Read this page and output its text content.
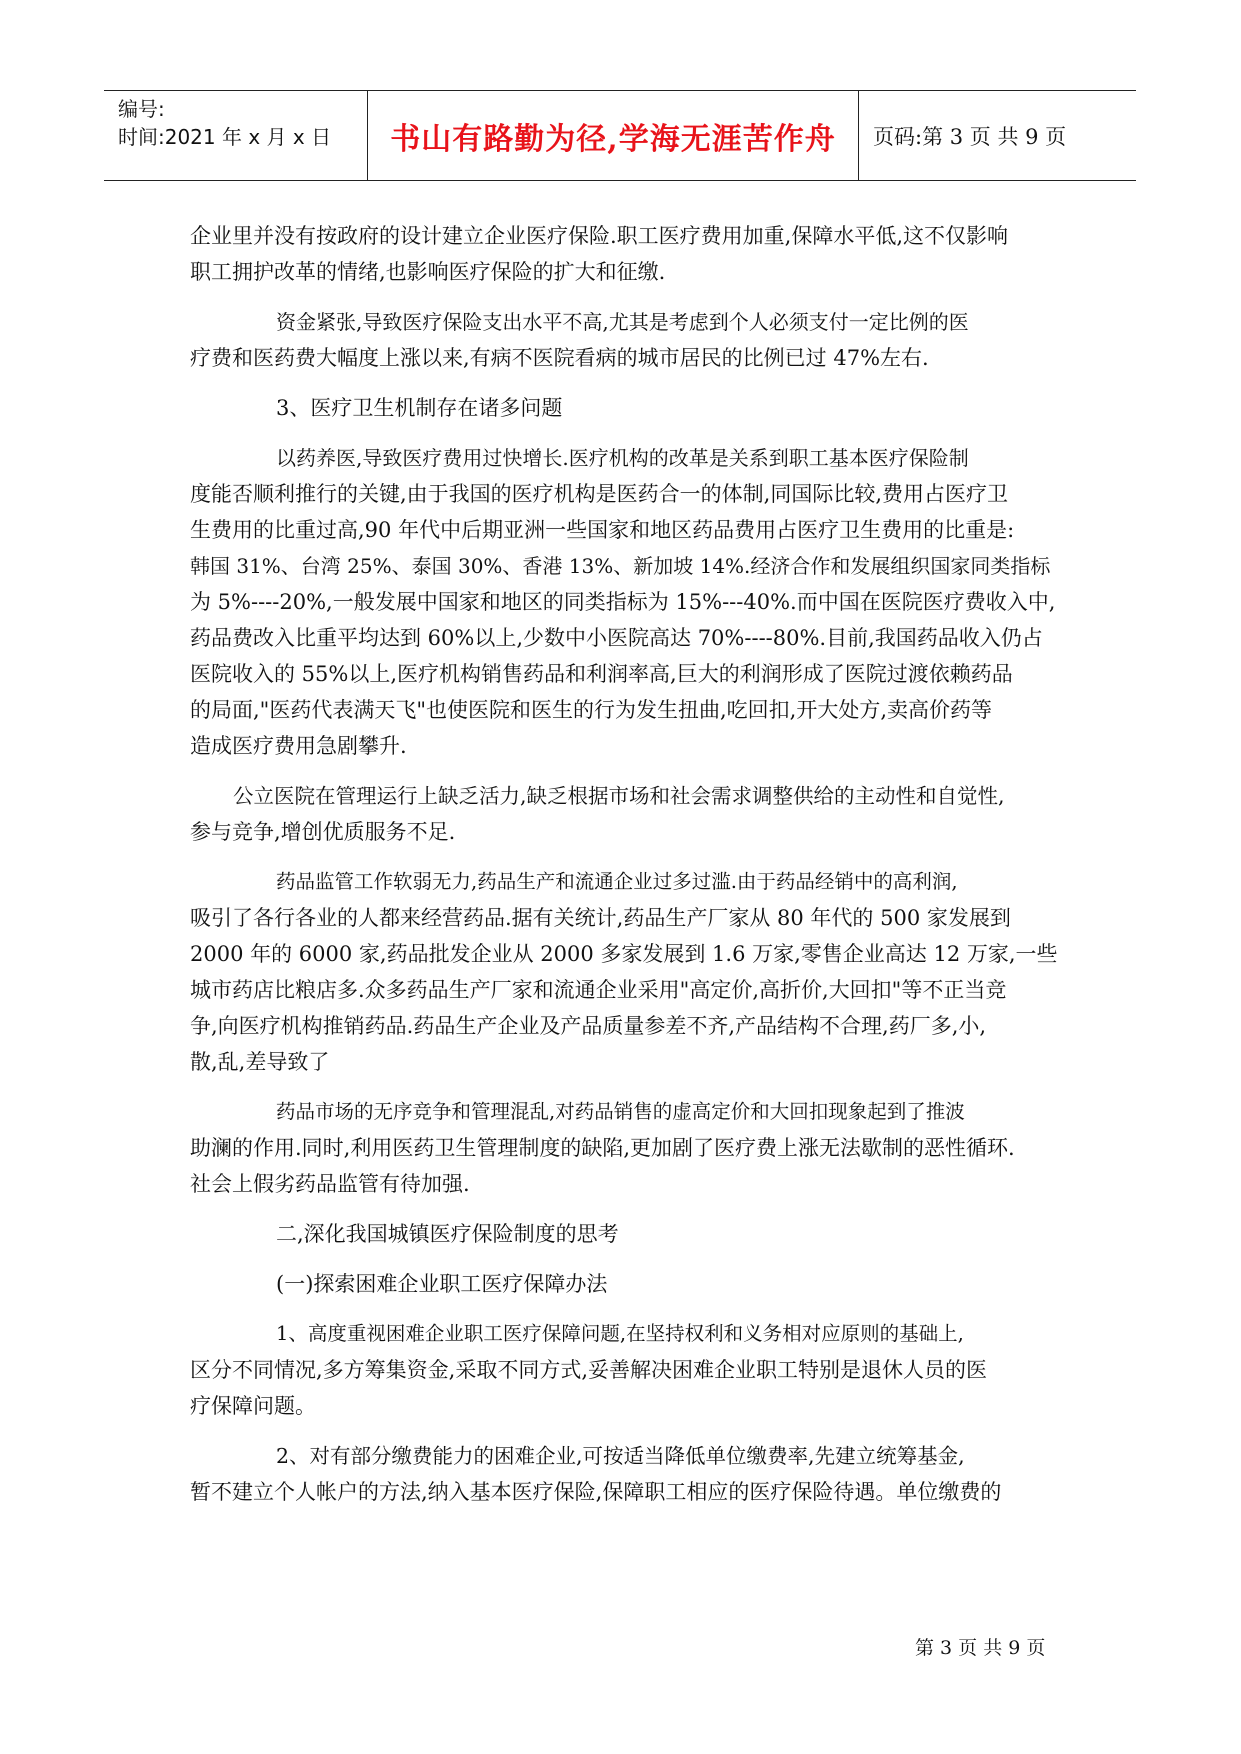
编号:
时间:2021 年 x 月 x 日	书山有路勤为径,学海无涯苦作舟 页码:第 3 页 共 9 页
企业里并没有按政府的设计建立企业医疗保险.职工医疗费用加重,保障水平低,这不仅影响
职工拥护改革的情绪,也影响医疗保险的扩大和征缴.
资金紧张,导致医疗保险支出水平不高,尤其是考虑到个人必须支付一定比例的医
疗费和医药费大幅度上涨以来,有病不医院看病的城市居民的比例已过 47%左右.
3、医疗卫生机制存在诸多问题
以药养医,导致医疗费用过快增长.医疗机构的改革是关系到职工基本医疗保险制
度能否顺利推行的关键,由于我国的医疗机构是医药合一的体制,同国际比较,费用占医疗卫
生费用的比重过高,90 年代中后期亚洲一些国家和地区药品费用占医疗卫生费用的比重是:
韩国 31%、台湾 25%、泰国 30%、香港 13%、新加坡 14%.经济合作和发展组织国家同类指标
为 5%----20%,一般发展中国家和地区的同类指标为 15%---40%.而中国在医院医疗费收入中,
药品费改入比重平均达到 60%以上,少数中小医院高达 70%----80%.目前,我国药品收入仍占
医院收入的 55%以上,医疗机构销售药品和利润率高,巨大的利润形成了医院过渡依赖药品
的局面,"医药代表满天飞"也使医院和医生的行为发生扭曲,吃回扣,开大处方,卖高价药等
造成医疗费用急剧攀升.
公立医院在管理运行上缺乏活力,缺乏根据市场和社会需求调整供给的主动性和自觉性,
参与竞争,增创优质服务不足.
药品监管工作软弱无力,药品生产和流通企业过多过滥.由于药品经销中的高利润,
吸引了各行各业的人都来经营药品.据有关统计,药品生产厂家从 80 年代的 500 家发展到
2000 年的 6000 家,药品批发企业从 2000 多家发展到 1.6 万家,零售企业高达 12 万家,一些
城市药店比粮店多.众多药品生产厂家和流通企业采用"高定价,高折价,大回扣"等不正当竞
争,向医疗机构推销药品.药品生产企业及产品质量参差不齐,产品结构不合理,药厂多,小,
散,乱,差导致了
药品市场的无序竞争和管理混乱,对药品销售的虚高定价和大回扣现象起到了推波
助澜的作用.同时,利用医药卫生管理制度的缺陷,更加剧了医疗费上涨无法歇制的恶性循环.
社会上假劣药品监管有待加强.
二,深化我国城镇医疗保险制度的思考
(一)探索困难企业职工医疗保障办法
1、高度重视困难企业职工医疗保障问题,在坚持权利和义务相对应原则的基础上,
区分不同情况,多方筹集资金,采取不同方式,妥善解决困难企业职工特别是退休人员的医
疗保障问题。
2、对有部分缴费能力的困难企业,可按适当降低单位缴费率,先建立统筹基金,
暂不建立个人帐户的方法,纳入基本医疗保险,保障职工相应的医疗保险待遇。单位缴费的
第 3 页 共 9 页
